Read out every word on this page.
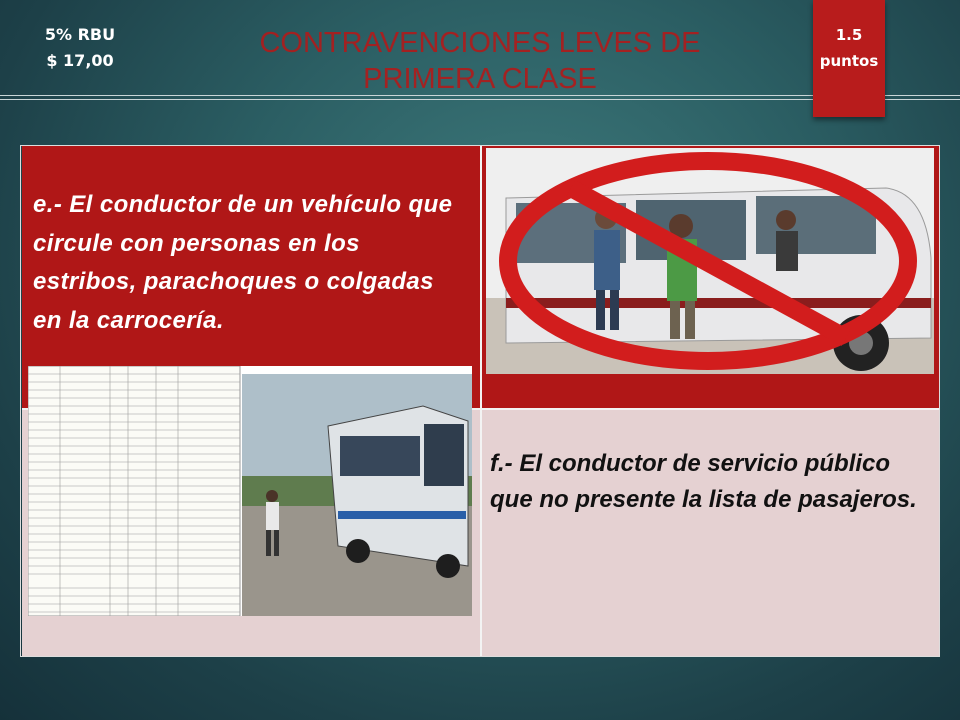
5% RBU
$ 17,00
CONTRAVENCIONES LEVES DE PRIMERA CLASE
1.5
puntos
e.- El conductor de un vehículo que circule con personas en los estribos, parachoques o colgadas en la carrocería.
f.- El conductor de servicio público que no presente la lista de pasajeros.
